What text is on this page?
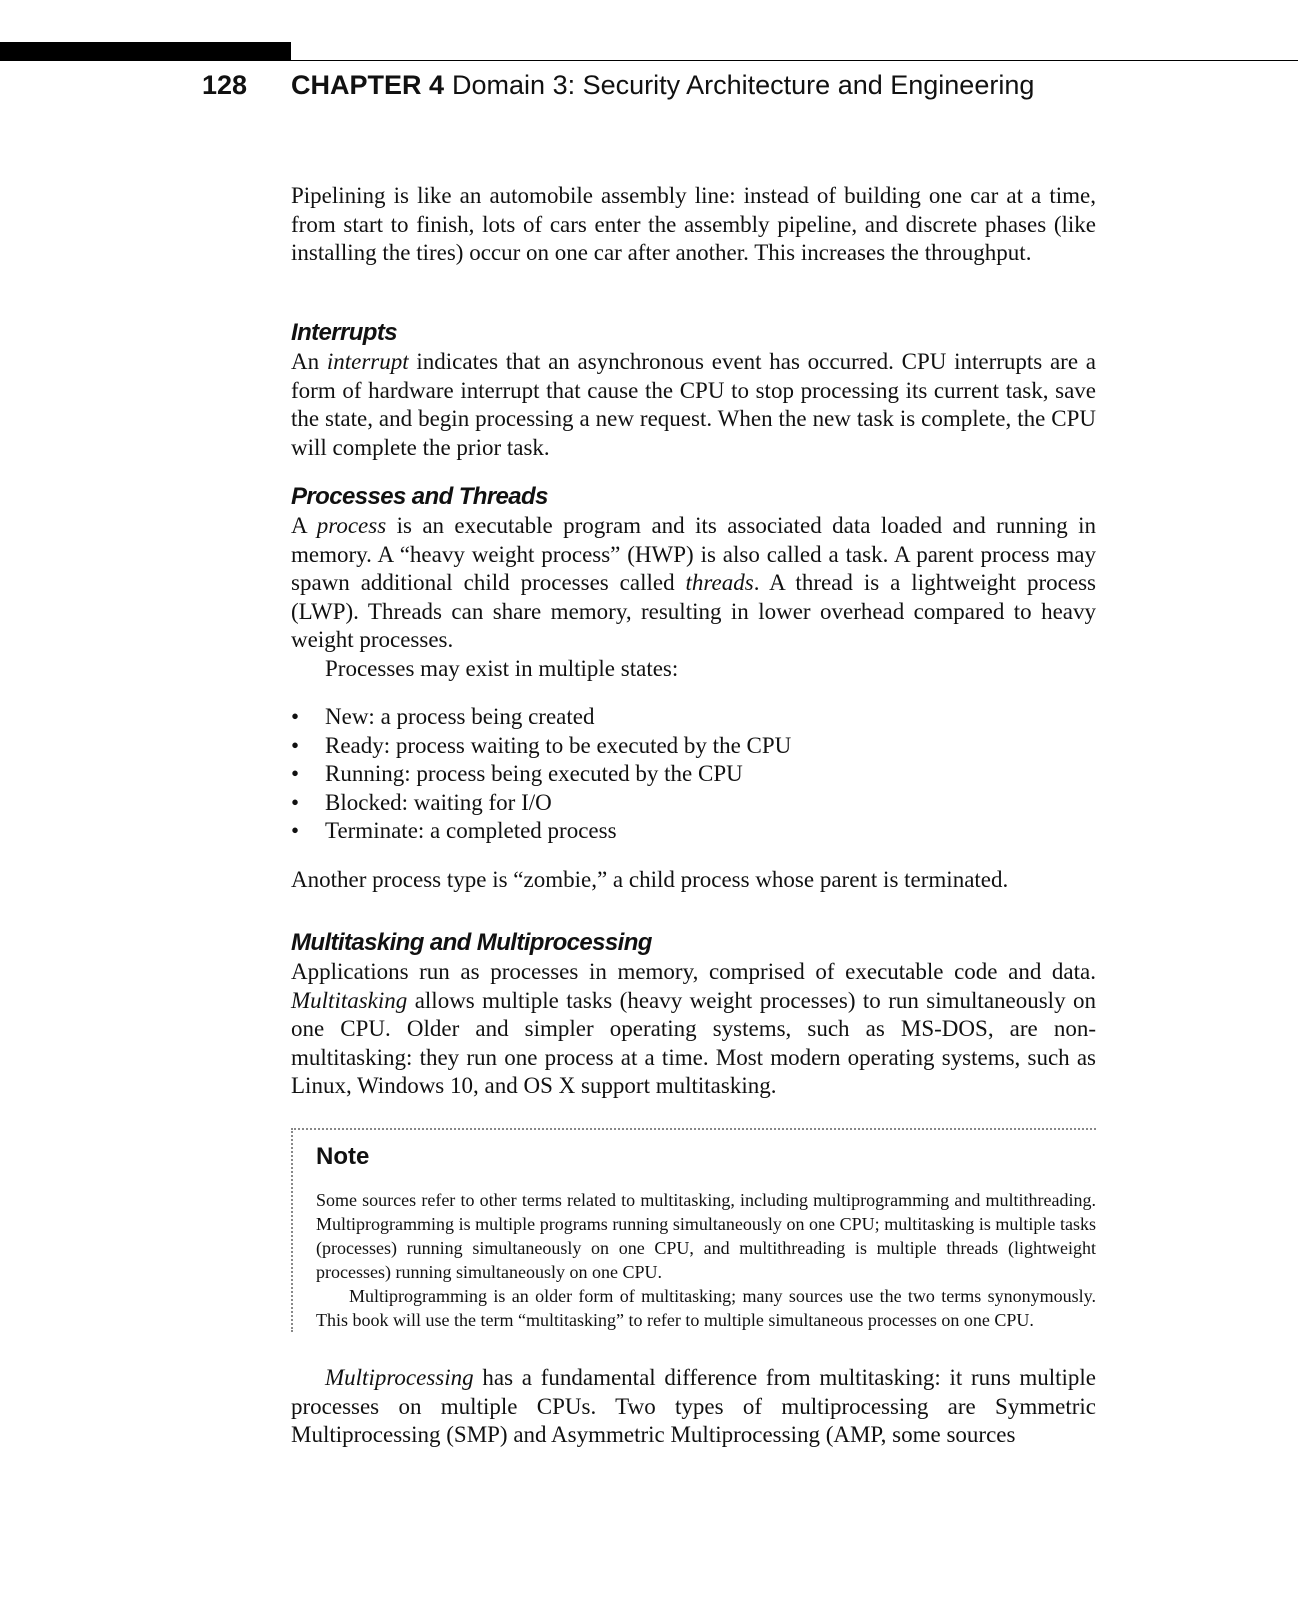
128 CHAPTER 4 Domain 3: Security Architecture and Engineering

Pipelining is like an automobile assembly line: instead of building one car at a time, from start to finish, lots of cars enter the assembly pipeline, and discrete phases (like installing the tires) occur on one car after another. This increases the throughput.

Interrupts

An interrupt indicates that an asynchronous event has occurred. CPU interrupts are a form of hardware interrupt that cause the CPU to stop processing its current task, save the state, and begin processing a new request. When the new task is complete, the CPU will complete the prior task.

Processes and Threads

A process is an executable program and its associated data loaded and running in memory. A “heavy weight process” (HWP) is also called a task. A parent process may spawn additional child processes called threads. A thread is a lightweight process (LWP). Threads can share memory, resulting in lower overhead compared to heavy weight processes.

Processes may exist in multiple states:

• New: a process being created
• Ready: process waiting to be executed by the CPU
• Running: process being executed by the CPU
• Blocked: waiting for I/O
• Terminate: a completed process

Another process type is “zombie,” a child process whose parent is terminated.

Multitasking and Multiprocessing

Applications run as processes in memory, comprised of executable code and data. Multitasking allows multiple tasks (heavy weight processes) to run simultaneously on one CPU. Older and simpler operating systems, such as MS-DOS, are non-multitasking: they run one process at a time. Most modern operating systems, such as Linux, Windows 10, and OS X support multitasking.

Note

Some sources refer to other terms related to multitasking, including multiprogramming and multithreading. Multiprogramming is multiple programs running simultaneously on one CPU; multitasking is multiple tasks (processes) running simultaneously on one CPU, and multithreading is multiple threads (lightweight processes) running simultaneously on one CPU.

Multiprogramming is an older form of multitasking; many sources use the two terms synonymously. This book will use the term “multitasking” to refer to multiple simultaneous processes on one CPU.

Multiprocessing has a fundamental difference from multitasking: it runs multiple processes on multiple CPUs. Two types of multiprocessing are Symmetric Multiprocessing (SMP) and Asymmetric Multiprocessing (AMP, some sources
